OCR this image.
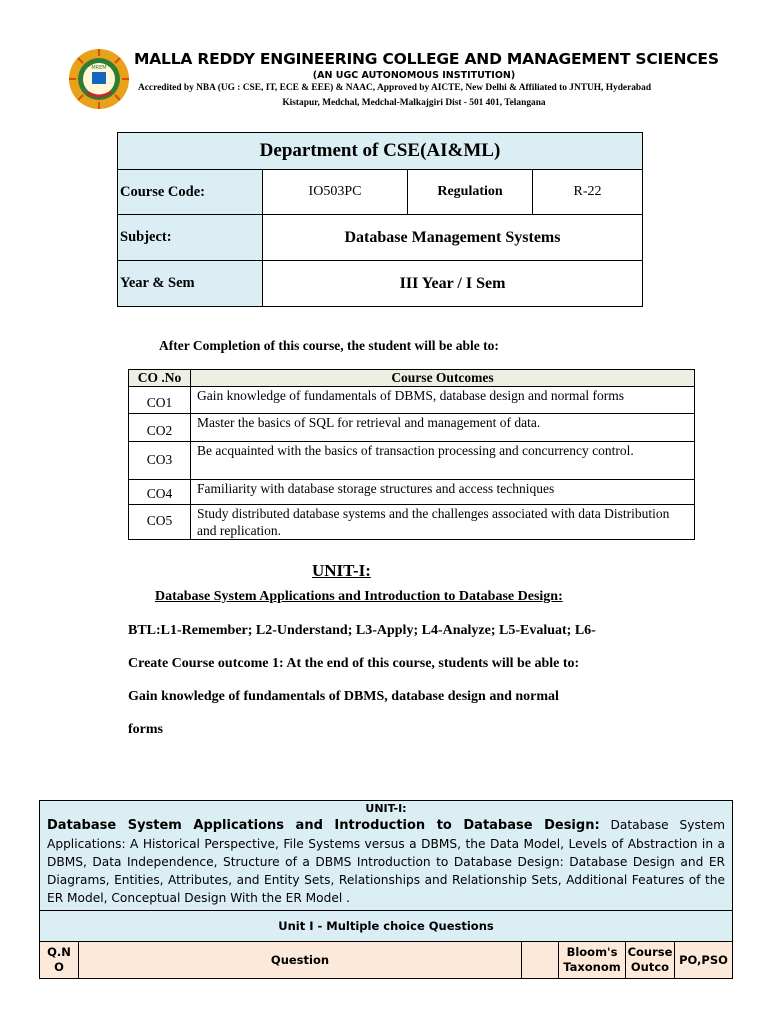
MREM MALLA REDDY ENGINEERING COLLEGE AND MANAGEMENT SCIENCES
(AN UGC AUTONOMOUS INSTITUTION)
Accredited by NBA (UG : CSE, IT, ECE & EEE) & NAAC, Approved by AICTE, New Delhi & Affiliated to JNTUH, Hyderabad
Kistapur, Medchal, Medchal-Malkajgiri Dist - 501 401, Telangana
Department of CSE(AI&ML)			
Course Code:	IO503PC	Regulation	R-22
Subject:	Database Management Systems		
Year & Sem	III Year / I Sem		
After Completion of this course, the student will be able to:
CO .No	Course Outcomes
CO1	Gain knowledge of fundamentals of DBMS, database design and normal forms
CO2	Master the basics of SQL for retrieval and management of data.
CO3	Be acquainted with the basics of transaction processing and concurrency control.
CO4	Familiarity with database storage structures and access techniques
CO5	Study distributed database systems and the challenges associated with data Distribution and replication.
UNIT-I:
Database System Applications and Introduction to Database Design:
BTL:L1-Remember; L2-Understand; L3-Apply; L4-Analyze; L5-Evaluat; L6-
Create Course outcome 1: At the end of this course, students will be able to:
Gain knowledge of fundamentals of DBMS, database design and normal
forms
UNIT-I:
Database System Applications and Introduction to Database Design: Database System Applications: A Historical Perspective, File Systems versus a DBMS, the Data Model, Levels of Abstraction in a DBMS, Data Independence, Structure of a DBMS Introduction to Database Design: Database Design and ER Diagrams, Entities, Attributes, and Entity Sets, Relationships and Relationship Sets, Additional Features of the ER Model, Conceptual Design With the ER Model .
Unit I - Multiple choice Questions
Q.N O	Question		Bloom's Taxonom	Course Outco	PO,PSO
